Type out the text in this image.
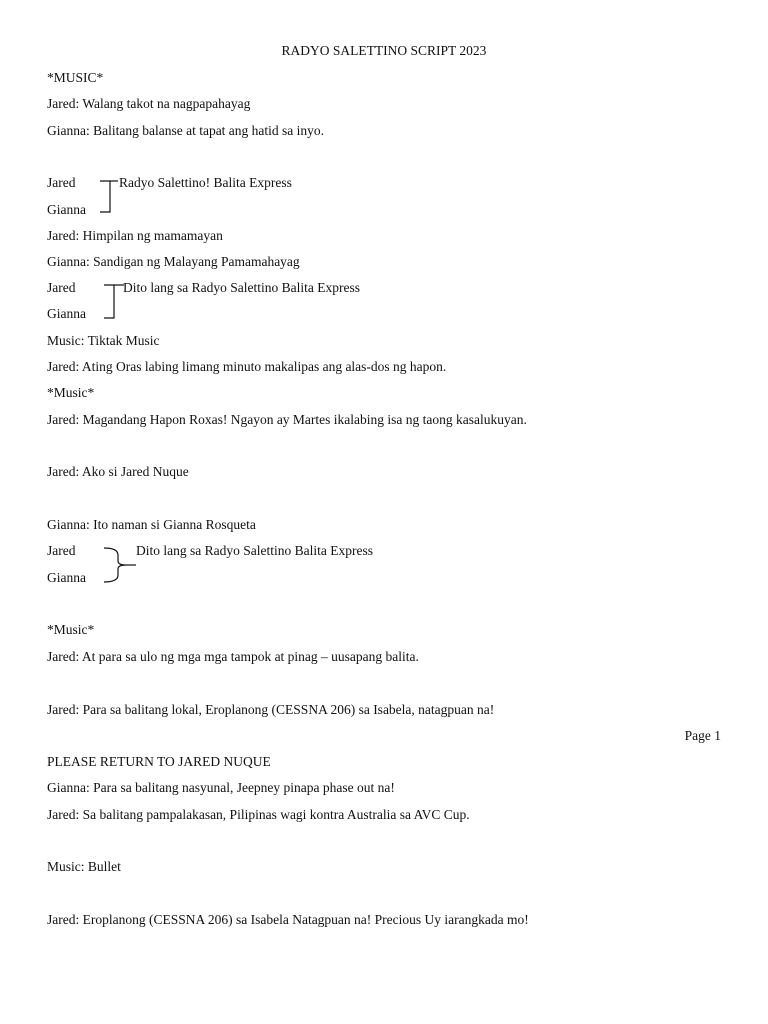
RADYO SALETTINO SCRIPT 2023
*MUSIC*
Jared: Walang takot na nagpapahayag
Gianna: Balitang balanse at tapat ang hatid sa inyo.
Jared
Gianna
Radyo Salettino! Balita Express
Jared: Himpilan ng mamamayan
Gianna: Sandigan ng Malayang Pamamahayag
Jared
Gianna
Dito lang sa Radyo Salettino Balita Express
Music: Tiktak Music
Jared: Ating Oras labing limang minuto makalipas ang alas-dos ng hapon.
*Music*
Jared: Magandang Hapon Roxas! Ngayon ay Martes ikalabing isa ng taong kasalukuyan.
Jared: Ako si Jared Nuque
Gianna: Ito naman si Gianna Rosqueta
Jared
Gianna
Dito lang sa Radyo Salettino Balita Express
*Music*
Jared: At para sa ulo ng mga mga tampok at pinag – uusapang balita.
Jared: Para sa balitang lokal, Eroplanong (CESSNA 206) sa Isabela, natagpuan na!
Page 1
PLEASE RETURN TO JARED NUQUE
Gianna: Para sa balitang nasyunal, Jeepney pinapa phase out na!
Jared: Sa balitang pampalakasan, Pilipinas wagi kontra Australia sa AVC Cup.
Music: Bullet
Jared: Eroplanong (CESSNA 206) sa Isabela Natagpuan na! Precious Uy iarangkada mo!
